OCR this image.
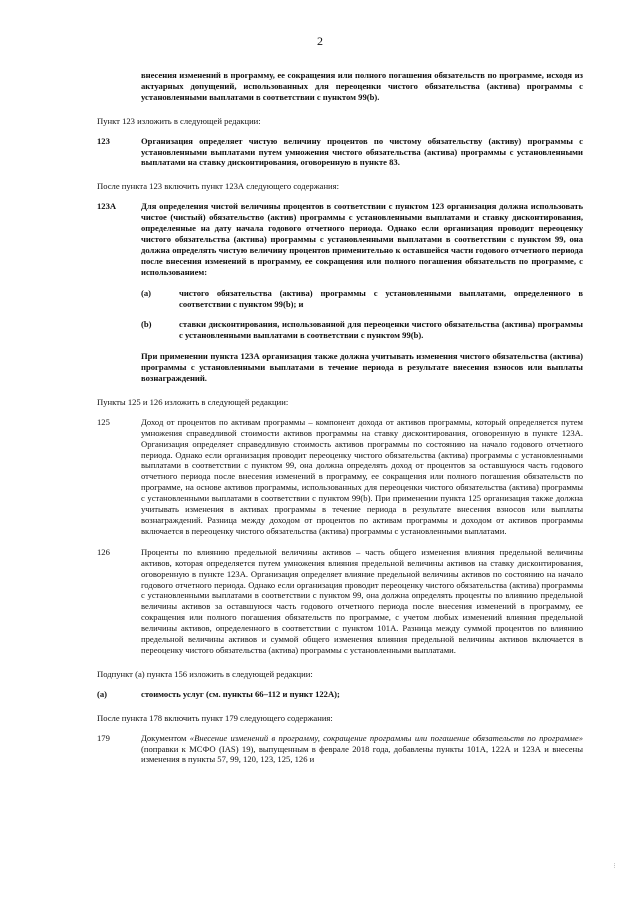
2
внесения изменений в программу, ее сокращения или полного погашения обязательств по программе, исходя из актуарных допущений, использованных для переоценки чистого обязательства (актива) программы с установленными выплатами в соответствии с пунктом 99(b).
Пункт 123 изложить в следующей редакции:
123	Организация определяет чистую величину процентов по чистому обязательству (активу) программы с установленными выплатами путем умножения чистого обязательства (актива) программы с установленными выплатами на ставку дисконтирования, оговоренную в пункте 83.
После пункта 123 включить пункт 123А следующего содержания:
123А	Для определения чистой величины процентов в соответствии с пунктом 123 организация должна использовать чистое (чистый) обязательство (актив) программы с установленными выплатами и ставку дисконтирования, определенные на дату начала годового отчетного периода. Однако если организация проводит переоценку чистого обязательства (актива) программы с установленными выплатами в соответствии с пунктом 99, она должна определять чистую величину процентов применительно к оставшейся части годового отчетного периода после внесения изменений в программу, ее сокращения или полного погашения обязательств по программе, с использованием:
(a)	чистого обязательства (актива) программы с установленными выплатами, определенного в соответствии с пунктом 99(b); и
(b)	ставки дисконтирования, использованной для переоценки чистого обязательства (актива) программы с установленными выплатами в соответствии с пунктом 99(b).
При применении пункта 123А организация также должна учитывать изменения чистого обязательства (актива) программы с установленными выплатами в течение периода в результате внесения взносов или выплаты вознаграждений.
Пункты 125 и 126 изложить в следующей редакции:
125	Доход от процентов по активам программы – компонент дохода от активов программы, который определяется путем умножения справедливой стоимости активов программы на ставку дисконтирования, оговоренную в пункте 123А. Организация определяет справедливую стоимость активов программы по состоянию на начало годового отчетного периода. Однако если организация проводит переоценку чистого обязательства (актива) программы с установленными выплатами в соответствии с пунктом 99, она должна определять доход от процентов за оставшуюся часть годового отчетного периода после внесения изменений в программу, ее сокращения или полного погашения обязательств по программе, на основе активов программы, использованных для переоценки чистого обязательства (актива) программы с установленными выплатами в соответствии с пунктом 99(b). При применении пункта 125 организация также должна учитывать изменения в активах программы в течение периода в результате внесения взносов или выплаты вознаграждений. Разница между доходом от процентов по активам программы и доходом от активов программы включается в переоценку чистого обязательства (актива) программы с установленными выплатами.
126	Проценты по влиянию предельной величины активов – часть общего изменения влияния предельной величины активов, которая определяется путем умножения влияния предельной величины активов на ставку дисконтирования, оговоренную в пункте 123А. Организация определяет влияние предельной величины активов по состоянию на начало годового отчетного периода. Однако если организация проводит переоценку чистого обязательства (актива) программы с установленными выплатами в соответствии с пунктом 99, она должна определять проценты по влиянию предельной величины активов за оставшуюся часть годового отчетного периода после внесения изменений в программу, ее сокращения или полного погашения обязательств по программе, с учетом любых изменений влияния предельной величины активов, определенного в соответствии с пунктом 101А. Разница между суммой процентов по влиянию предельной величины активов и суммой общего изменения влияния предельной величины активов включается в переоценку чистого обязательства (актива) программы с установленными выплатами.
Подпункт (а) пункта 156 изложить в следующей редакции:
(a)	стоимость услуг (см. пункты 66–112 и пункт 122А);
После пункта 178 включить пункт 179 следующего содержания:
179	Документом «Внесение изменений в программу, сокращение программы или погашение обязательств по программе» (поправки к МСФО (IAS) 19), выпущенным в феврале 2018 года, добавлены пункты 101А, 122А и 123А и внесены изменения в пункты 57, 99, 120, 123, 125, 126 и
...
